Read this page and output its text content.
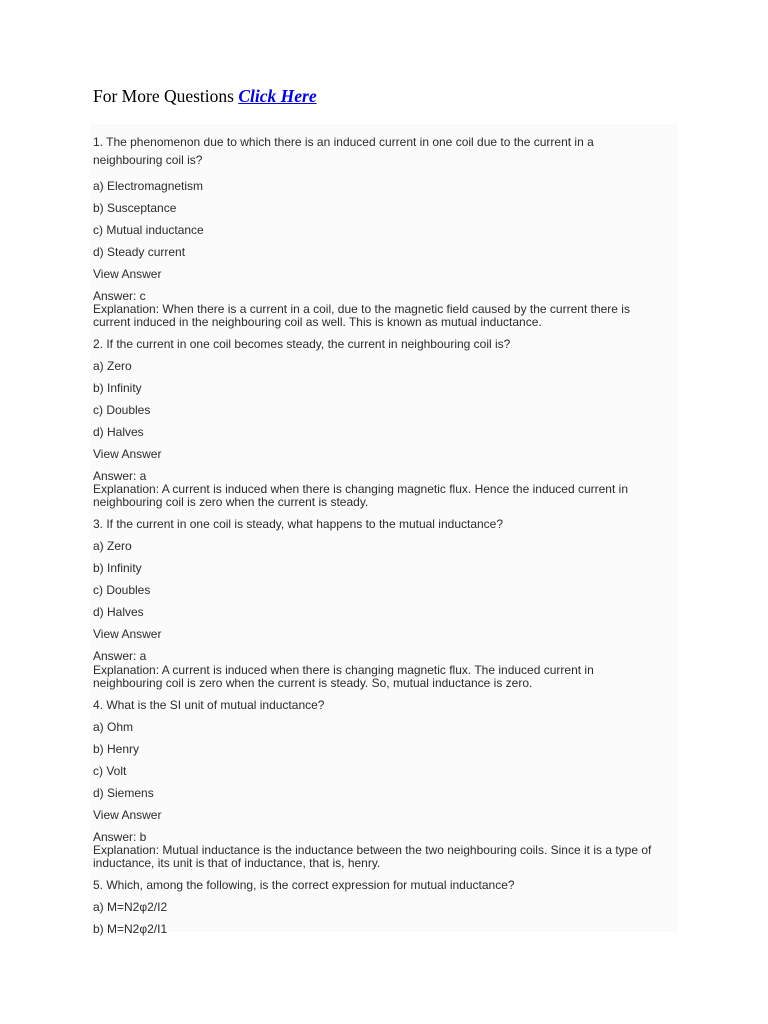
For More Questions Click Here
1. The phenomenon due to which there is an induced current in one coil due to the current in a
neighbouring coil is?
a) Electromagnetism
b) Susceptance
c) Mutual inductance
d) Steady current
View Answer
Answer: c
Explanation: When there is a current in a coil, due to the magnetic field caused by the current there is
current induced in the neighbouring coil as well. This is known as mutual inductance.
2. If the current in one coil becomes steady, the current in neighbouring coil is?
a) Zero
b) Infinity
c) Doubles
d) Halves
View Answer
Answer: a
Explanation: A current is induced when there is changing magnetic flux. Hence the induced current in
neighbouring coil is zero when the current is steady.
3. If the current in one coil is steady, what happens to the mutual inductance?
a) Zero
b) Infinity
c) Doubles
d) Halves
View Answer
Answer: a
Explanation: A current is induced when there is changing magnetic flux. The induced current in
neighbouring coil is zero when the current is steady. So, mutual inductance is zero.
4. What is the SI unit of mutual inductance?
a) Ohm
b) Henry
c) Volt
d) Siemens
View Answer
Answer: b
Explanation: Mutual inductance is the inductance between the two neighbouring coils. Since it is a type of
inductance, its unit is that of inductance, that is, henry.
5. Which, among the following, is the correct expression for mutual inductance?
a) M=N2φ2/I2
b) M=N2φ2/I1
